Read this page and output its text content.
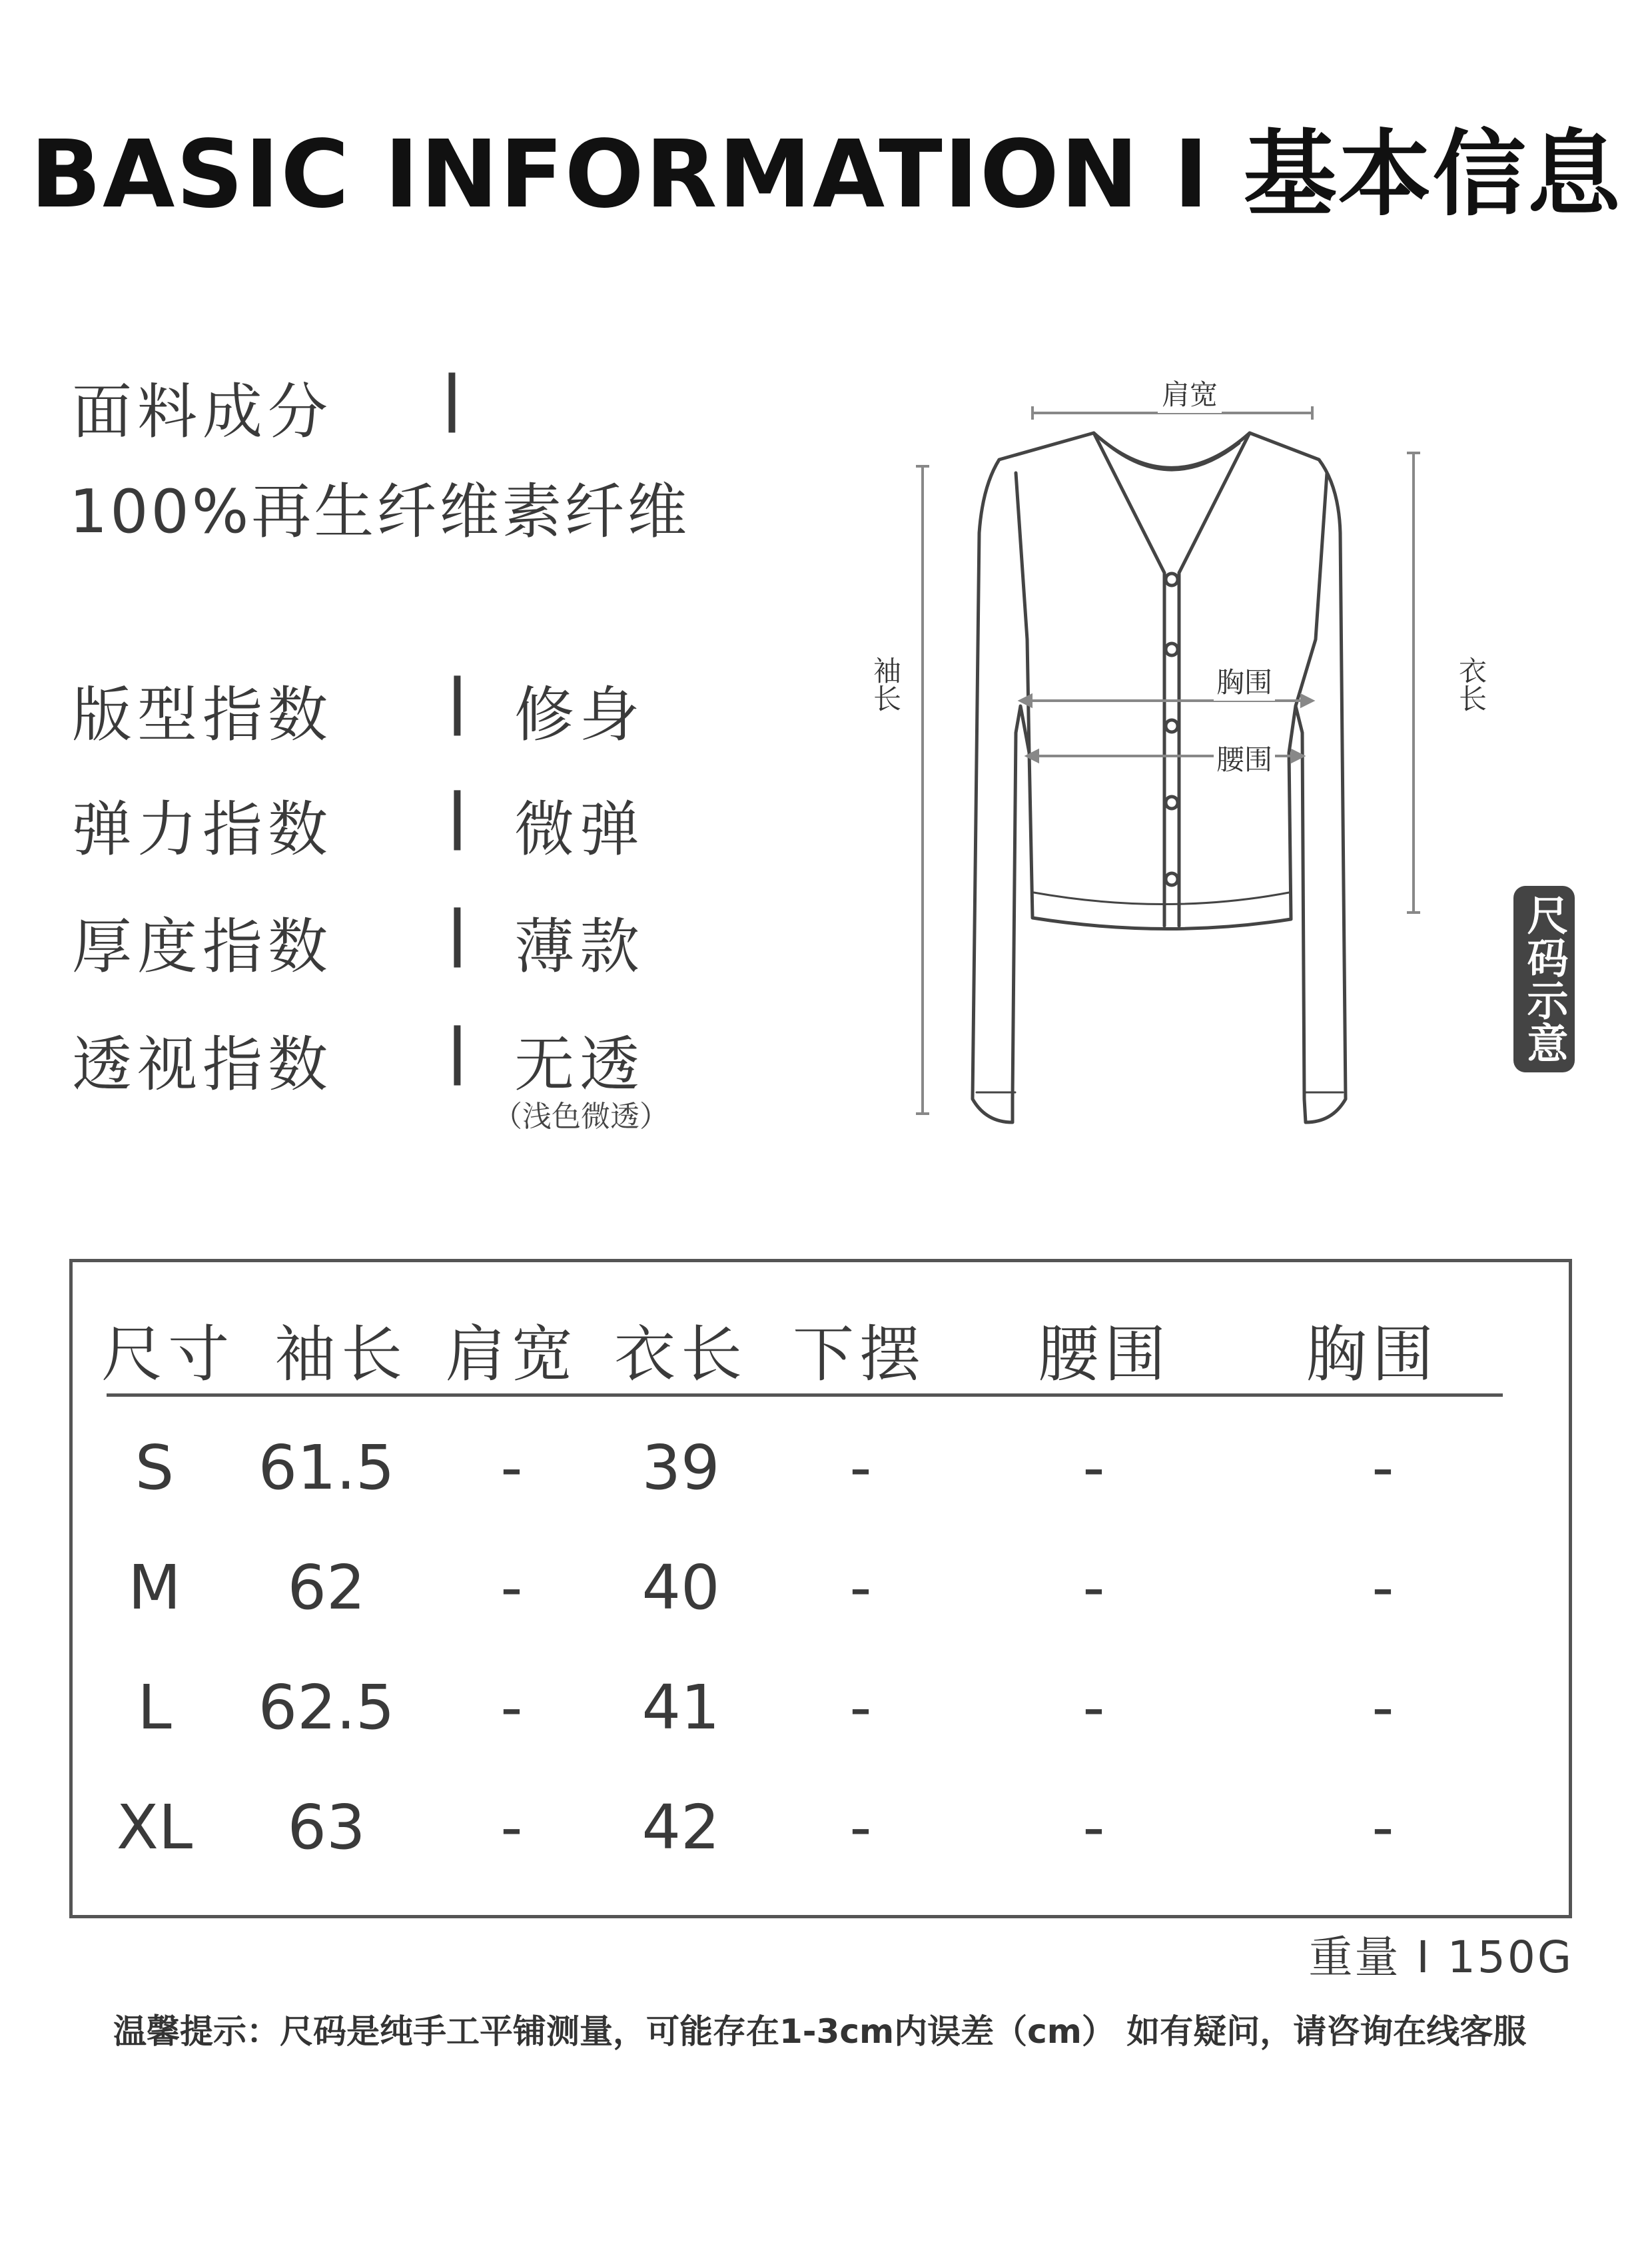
BASIC INFORMATION I 基本信息
面料成分 |
100%再生纤维素纤维
版型指数 | 修身
弹力指数 | 微弹
厚度指数 | 薄款
透视指数 | 无透
（浅色微透）
肩宽
袖长	衣长
胸围
腰围
尺码示意
尺寸 袖长 肩宽 衣长 下摆 腰围 胸围
S	61.5	-	39	-	-	-
M	62	-	40	-	-	-
L	62.5	-	41	-	-	-
XL	63	-	42	-	-	-
重量 I 150G
温馨提示：尺码是纯手工平铺测量，可能存在1-3cm内误差（cm） 如有疑问，请咨询在线客服
